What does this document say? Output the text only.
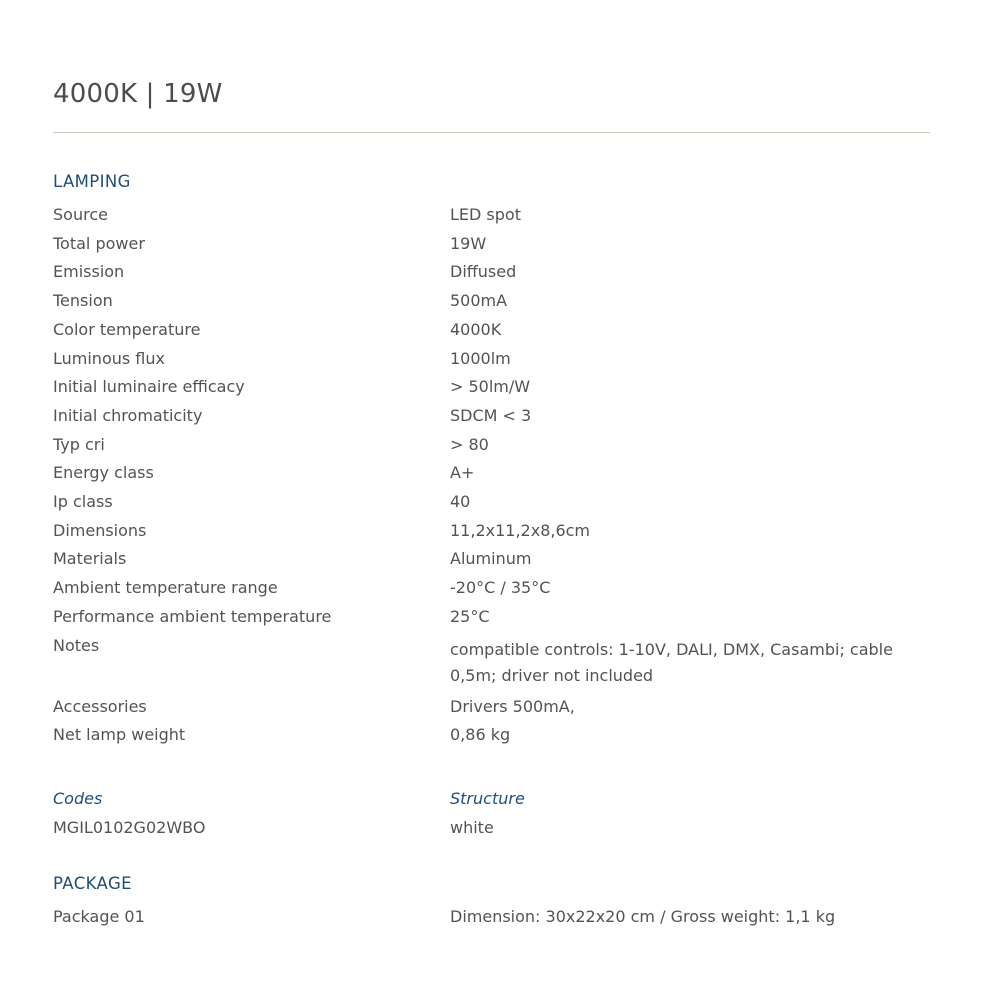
4000K | 19W
LAMPING
Source	LED spot
Total power	19W
Emission	Diffused
Tension	500mA
Color temperature	4000K
Luminous flux	1000lm
Initial luminaire efficacy	> 50lm/W
Initial chromaticity	SDCM < 3
Typ cri	> 80
Energy class	A+
Ip class	40
Dimensions	11,2x11,2x8,6cm
Materials	Aluminum
Ambient temperature range	-20°C / 35°C
Performance ambient temperature	25°C
Notes	compatible controls: 1-10V, DALI, DMX, Casambi; cable 0,5m; driver not included
Accessories	Drivers 500mA,
Net lamp weight	0,86 kg
Codes	Structure
MGIL0102G02WBO	white
PACKAGE
Package 01	Dimension: 30x22x20 cm / Gross weight: 1,1 kg
